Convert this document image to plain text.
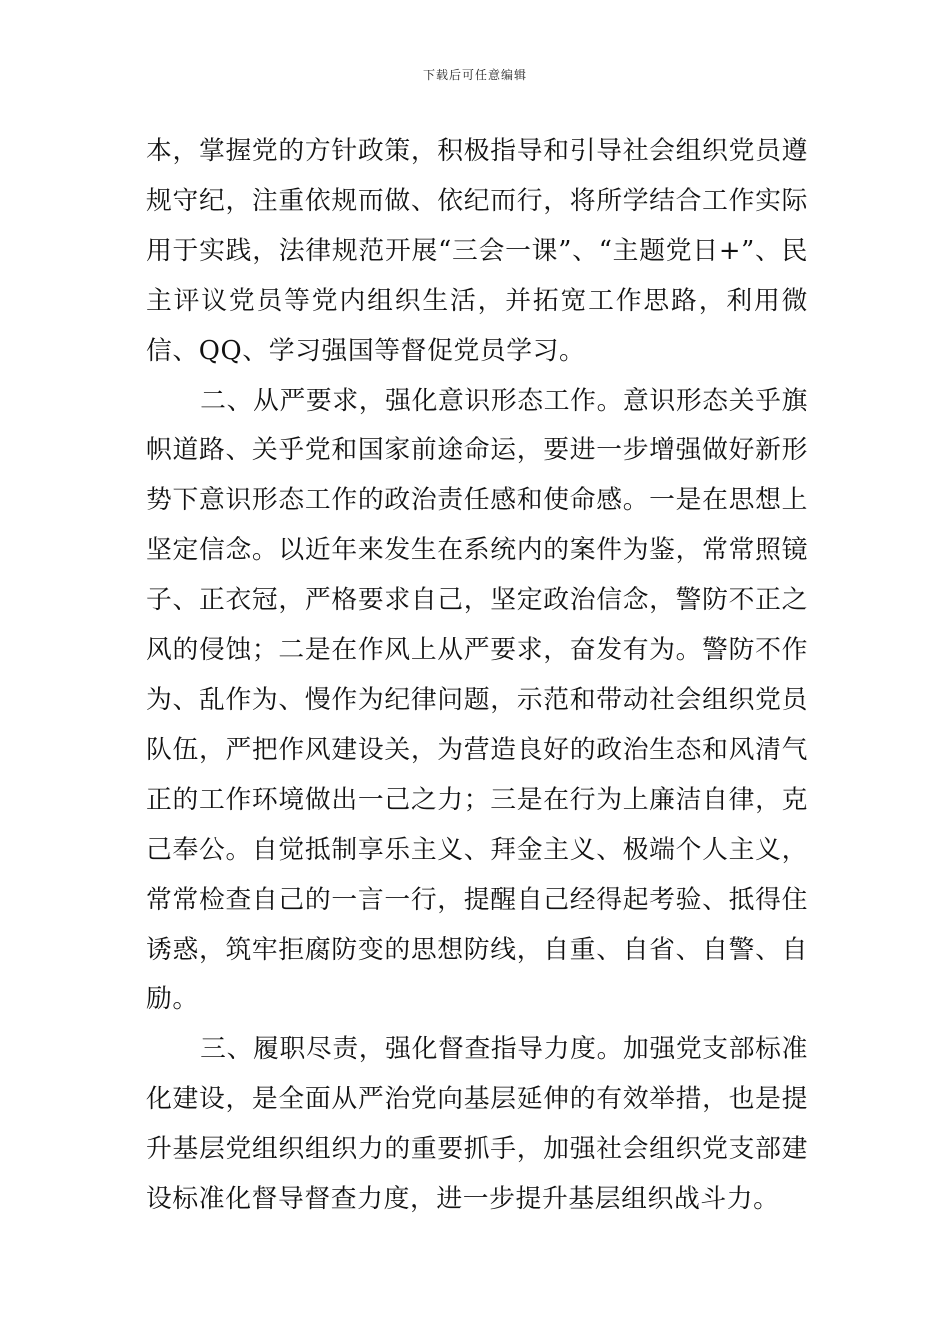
下载后可任意编辑

本，掌握党的方针政策，积极指导和引导社会组织党员遵规守纪，注重依规而做、依纪而行，将所学结合工作实际用于实践，法律规范开展“三会一课”、“主题党日+”、民主评议党员等党内组织生活，并拓宽工作思路，利用微信、QQ、学习强国等督促党员学习。

二、从严要求，强化意识形态工作。意识形态关乎旗帜道路、关乎党和国家前途命运，要进一步增强做好新形势下意识形态工作的政治责任感和使命感。一是在思想上坚定信念。以近年来发生在系统内的案件为鉴，常常照镜子、正衣冠，严格要求自己，坚定政治信念，警防不正之风的侵蚀；二是在作风上从严要求，奋发有为。警防不作为、乱作为、慢作为纪律问题，示范和带动社会组织党员队伍，严把作风建设关，为营造良好的政治生态和风清气正的工作环境做出一己之力；三是在行为上廉洁自律，克己奉公。自觉抵制享乐主义、拜金主义、极端个人主义，常常检查自己的一言一行，提醒自己经得起考验、抵得住诱惑，筑牢拒腐防变的思想防线，自重、自省、自警、自励。

三、履职尽责，强化督查指导力度。加强党支部标准化建设，是全面从严治党向基层延伸的有效举措，也是提升基层党组织组织力的重要抓手，加强社会组织党支部建设标准化督导督查力度，进一步提升基层组织战斗力。
